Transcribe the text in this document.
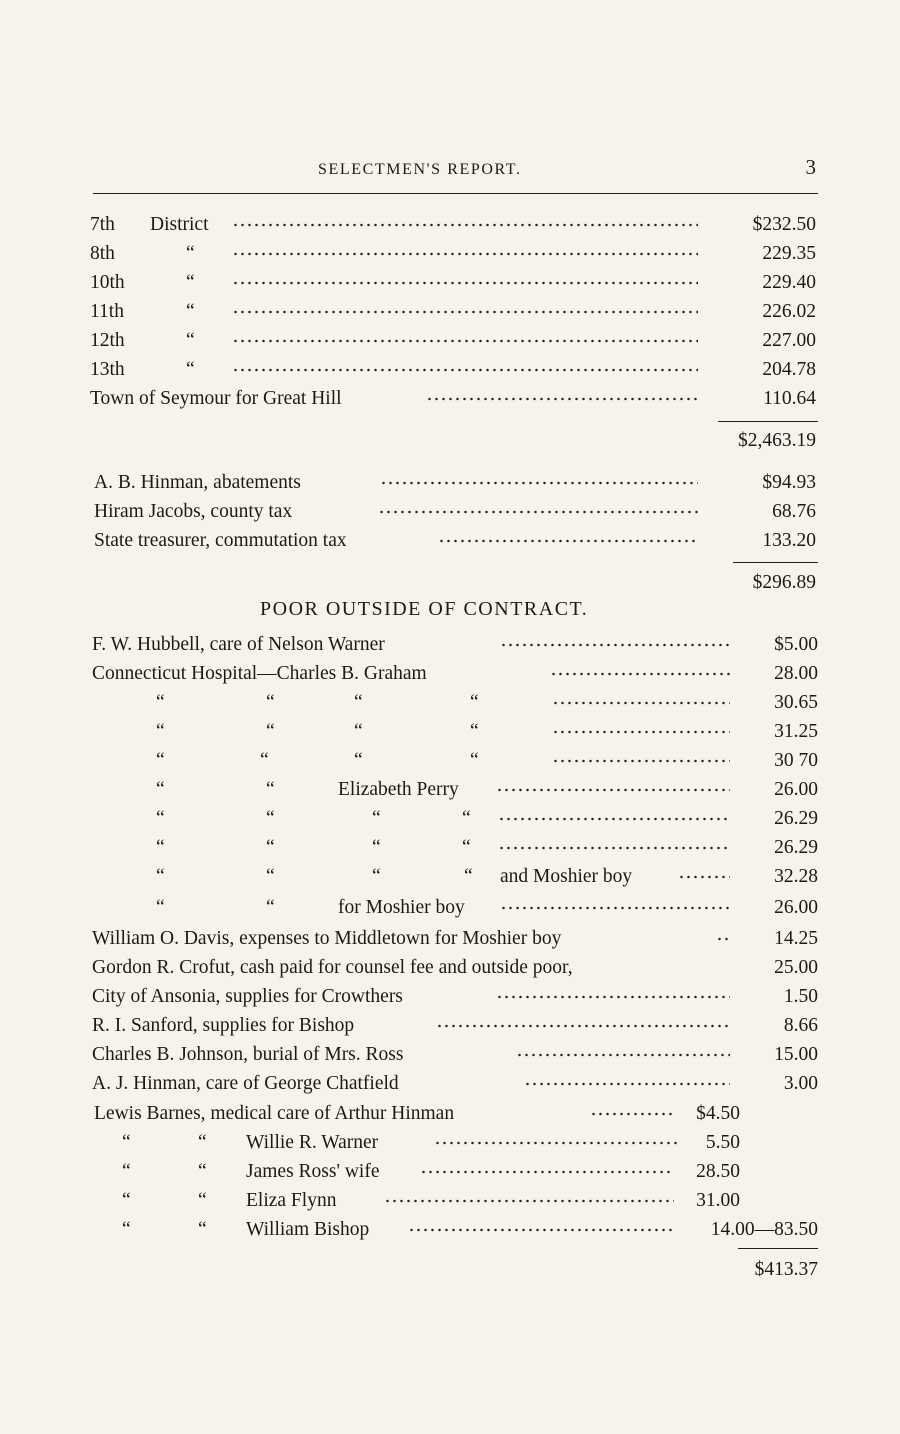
SELECTMEN'S REPORT.	3
7th District	$232.50
8th	“	229.35
10th	“	229.40
11th	“	226.02
12th	“	227.00
13th	“	204.78
Town of Seymour for Great Hill	110.64
$2,463.19
A. B. Hinman, abatements	$94.93
Hiram Jacobs, county tax	68.76
State treasurer, commutation tax	133.20
$296.89
POOR OUTSIDE OF CONTRACT.
F. W. Hubbell, care of Nelson Warner	$5.00
Connecticut Hospital—Charles B. Graham	28.00
“	“	“	“	30.65
“	“	“	“	31.25
“	“	“	“	30 70
“	“	Elizabeth Perry	26.00
“	“	“	“	26.29
“	“	“	“	26.29
“	“	“	“ and Moshier boy	32.28
“	“	for Moshier boy	26.00
William O. Davis, expenses to Middletown for Moshier boy	14.25
Gordon R. Crofut, cash paid for counsel fee and outside poor,	25.00
City of Ansonia, supplies for Crowthers	1.50
R. I. Sanford, supplies for Bishop	8.66
Charles B. Johnson, burial of Mrs. Ross	15.00
A. J. Hinman, care of George Chatfield	3.00
Lewis Barnes, medical care of Arthur Hinman	$4.50
“	“ Willie R. Warner	5.50
“	“ James Ross' wife	28.50
“	“ Eliza Flynn	31.00
“	“ William Bishop	14.00—83.50
$413.37
